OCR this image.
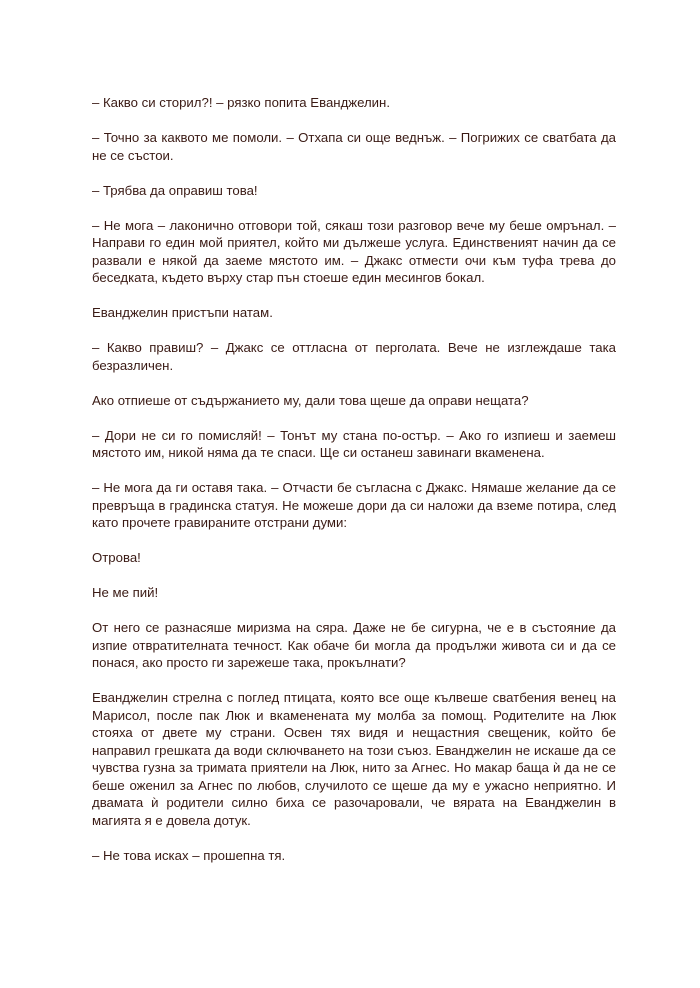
– Какво си сторил?! – рязко попита Еванджелин.

– Точно за каквото ме помоли. – Отхапа си още веднъж. – Погрижих се сватбата да не се състои.

– Трябва да оправиш това!

– Не мога – лаконично отговори той, сякаш този разговор вече му беше омрънал. – Направи го един мой приятел, който ми дължеше услуга. Единственият начин да се развали е някой да заеме мястото им. – Джакс отмести очи към туфа трева до беседката, където върху стар пън стоеше един месингов бокал.

Еванджелин пристъпи натам.

– Какво правиш? – Джакс се оттласна от перголата. Вече не изглеждаше така безразличен.

Ако отпиеше от съдържанието му, дали това щеше да оправи нещата?

– Дори не си го помисляй! – Тонът му стана по-остър. – Ако го изпиеш и заемеш мястото им, никой няма да те спаси. Ще си останеш завинаги вкаменена.

– Не мога да ги оставя така. – Отчасти бе съгласна с Джакс. Нямаше желание да се превръща в градинска статуя. Не можеше дори да си наложи да вземе потира, след като прочете гравираните отстрани думи:

Отрова!

Не ме пий!

От него се разнасяше миризма на сяра. Даже не бе сигурна, че е в състояние да изпие отвратителната течност. Как обаче би могла да продължи живота си и да се понася, ако просто ги зарежеше така, прокълнати?

Еванджелин стрелна с поглед птицата, която все още кълвеше сватбения венец на Марисол, после пак Люк и вкаменената му молба за помощ. Родителите на Люк стояха от двете му страни. Освен тях видя и нещастния свещеник, който бе направил грешката да води сключването на този съюз. Еванджелин не искаше да се чувства гузна за тримата приятели на Люк, нито за Агнес. Но макар баща ѝ да не се беше оженил за Агнес по любов, случилото се щеше да му е ужасно неприятно. И двамата ѝ родители силно биха се разочаровали, че вярата на Еванджелин в магията я е довела дотук.

– Не това исках – прошепна тя.
